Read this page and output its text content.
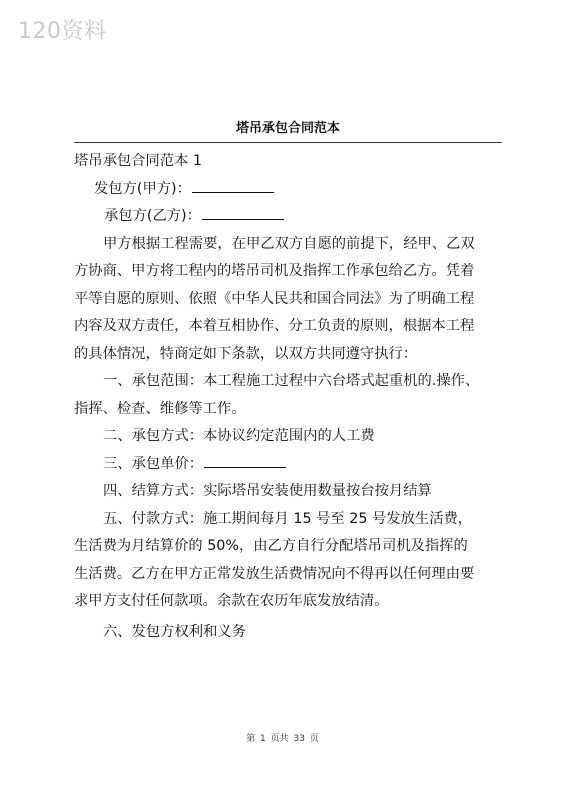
120资料
塔吊承包合同范本

塔吊承包合同范本 1

发包方(甲方)：

承包方(乙方)：

甲方根据工程需要，在甲乙双方自愿的前提下，经甲、乙双

方协商、甲方将工程内的塔吊司机及指挥工作承包给乙方。凭着

平等自愿的原则、依照《中华人民共和国合同法》为了明确工程

内容及双方责任，本着互相协作、分工负责的原则，根据本工程

的具体情况，特商定如下条款，以双方共同遵守执行：

一、承包范围：本工程施工过程中六台塔式起重机的.操作、

指挥、检查、维修等工作。

二、承包方式：本协议约定范围内的人工费

三、承包单价：

四、结算方式：实际塔吊安装使用数量按台按月结算

五、付款方式：施工期间每月 15 号至 25 号发放生活费，

生活费为月结算价的 50%，由乙方自行分配塔吊司机及指挥的

生活费。乙方在甲方正常发放生活费情况向不得再以任何理由要

求甲方支付任何款项。余款在农历年底发放结清。

六、发包方权利和义务

第 1 页共 33 页
